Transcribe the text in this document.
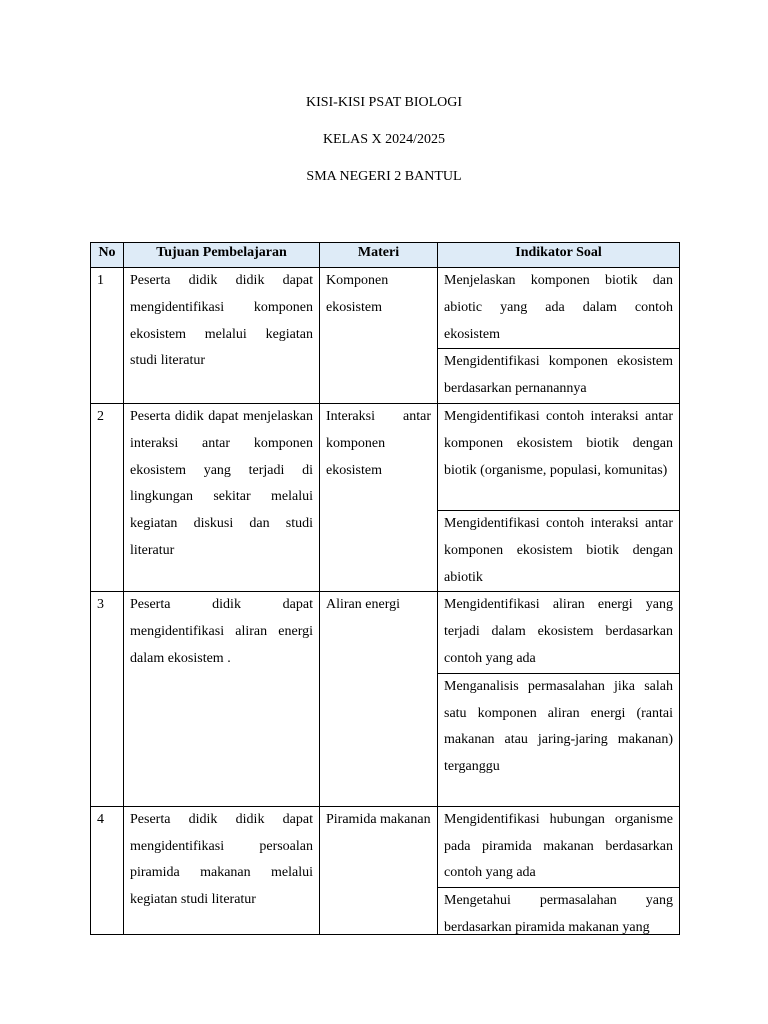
KISI-KISI PSAT BIOLOGI
KELAS X 2024/2025
SMA NEGERI 2 BANTUL
No	Tujuan Pembelajaran	Materi	Indikator Soal
1	Peserta didik didik dapat mengidentifikasi komponen ekosistem melalui kegiatan studi literatur	Komponen ekosistem	Menjelaskan komponen biotik dan abiotic yang ada dalam contoh ekosistem
			Mengidentifikasi komponen ekosistem berdasarkan pernanannya
2	Peserta didik dapat menjelaskan interaksi antar komponen ekosistem yang terjadi di lingkungan sekitar melalui kegiatan diskusi dan studi literatur	Interaksi antar komponen ekosistem	Mengidentifikasi contoh interaksi antar komponen ekosistem biotik dengan biotik (organisme, populasi, komunitas)
			Mengidentifikasi contoh interaksi antar komponen ekosistem biotik dengan abiotik
3	Peserta didik dapat mengidentifikasi aliran energi dalam ekosistem .	Aliran energi	Mengidentifikasi aliran energi yang terjadi dalam ekosistem berdasarkan contoh yang ada
			Menganalisis permasalahan jika salah satu komponen aliran energi (rantai makanan atau jaring-jaring makanan) terganggu
4	Peserta didik didik dapat mengidentifikasi persoalan piramida makanan melalui kegiatan studi literatur	Piramida makanan	Mengidentifikasi hubungan organisme pada piramida makanan berdasarkan contoh yang ada

			Mengetahui permasalahan yang berdasarkan piramida makanan yang
